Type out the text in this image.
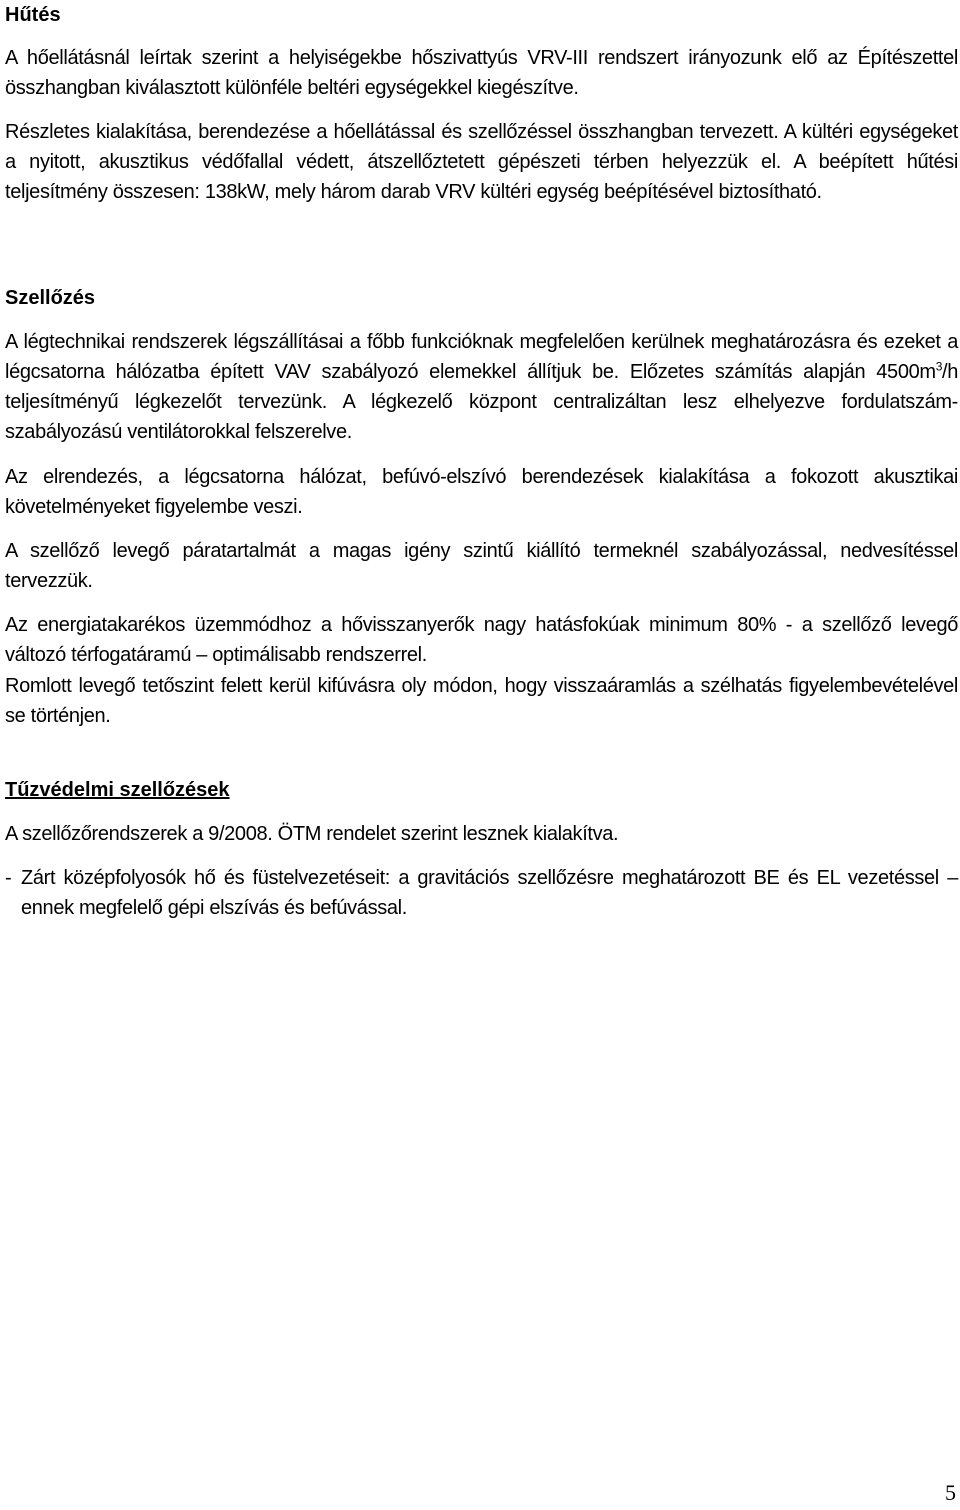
Hűtés

A hőellátásnál leírtak szerint a helyiségekbe hőszivattyús VRV-III rendszert irányozunk elő az Építészettel összhangban kiválasztott különféle beltéri egységekkel kiegészítve.

Részletes kialakítása, berendezése a hőellátással és szellőzéssel összhangban tervezett. A kültéri egységeket a nyitott, akusztikus védőfallal védett, átszellőztetett gépészeti térben helyezzük el. A beépített hűtési teljesítmény összesen: 138kW, mely három darab VRV kültéri egység beépítésével biztosítható.

Szellőzés

A légtechnikai rendszerek légszállításai a főbb funkcióknak megfelelően kerülnek meghatározásra és ezeket a légcsatorna hálózatba épített VAV szabályozó elemekkel állítjuk be. Előzetes számítás alapján $4500m^3/h$ teljesítményű légkezelőt tervezünk. A légkezelő központ centralizáltan lesz elhelyezve fordulatszám-szabályozású ventilátorokkal felszerelve.

Az elrendezés, a légcsatorna hálózat, befúvó-elszívó berendezések kialakítása a fokozott akusztikai követelményeket figyelembe veszi.

A szellőző levegő páratartalmát a magas igény szintű kiállító termeknél szabályozással, nedvesítéssel tervezzük.

Az energiatakarékos üzemmódhoz a hővisszanyerők nagy hatásfokúak minimum 80% - a szellőző levegő változó térfogatáramú – optimálisabb rendszerrel.

Romlott levegő tetőszint felett kerül kifúvásra oly módon, hogy visszaáramlás a szélhatás figyelembevételével se történjen.

Tűzvédelmi szellőzések

A szellőzőrendszerek a 9/2008. ÖTM rendelet szerint lesznek kialakítva.

- Zárt középfolyosók hő és füstelvezetéseit: a gravitációs szellőzésre meghatározott BE és EL vezetéssel – ennek megfelelő gépi elszívás és befúvással.
5
